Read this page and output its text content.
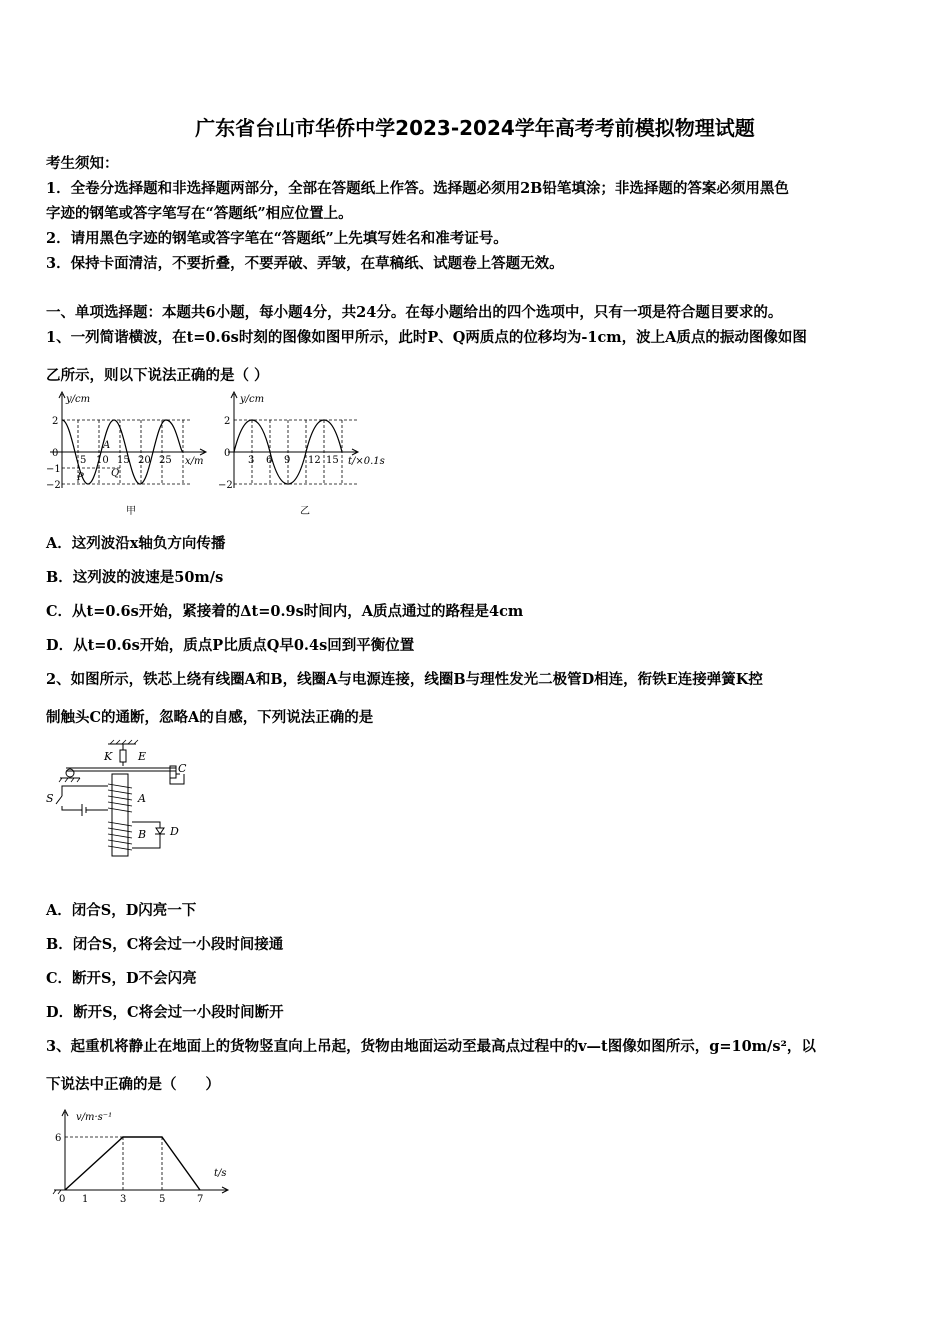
广东省台山市华侨中学2023-2024学年高考考前模拟物理试题
考生须知：
1．全卷分选择题和非选择题两部分，全部在答题纸上作答。选择题必须用2B铅笔填涂；非选择题的答案必须用黑色
字迹的钢笔或答字笔写在“答题纸”相应位置上。
2．请用黑色字迹的钢笔或答字笔在“答题纸”上先填写姓名和准考证号。
3．保持卡面清洁，不要折叠，不要弄破、弄皱，在草稿纸、试题卷上答题无效。
一、单项选择题：本题共6小题，每小题4分，共24分。在每小题给出的四个选项中，只有一项是符合题目要求的。
1、一列简谐横波，在t=0.6s时刻的图像如图甲所示，此时P、Q两质点的位移均为-1cm，波上A质点的振动图像如图
乙所示，则以下说法正确的是（ ）
y/cm
x/m
2
0
−1
−2
5 10 15 20 25
A
P	Q
甲
y/cm
t/×0.1s
2
0
−2
3 6 9 12 15
乙
A．这列波沿x轴负方向传播
B．这列波的波速是50m/s
C．从t=0.6s开始，紧接着的Δt=0.9s时间内，A质点通过的路程是4cm
D．从t=0.6s开始，质点P比质点Q早0.4s回到平衡位置
2、如图所示，铁芯上绕有线圈A和B，线圈A与电源连接，线圈B与理性发光二极管D相连，衔铁E连接弹簧K控
制触头C的通断，忽略A的自感，下列说法正确的是
K E
C
S	A
B D
A．闭合S，D闪亮一下
B．闭合S，C将会过一小段时间接通
C．断开S，D不会闪亮
D．断开S，C将会过一小段时间断开
3、起重机将静止在地面上的货物竖直向上吊起，货物由地面运动至最高点过程中的v—t图像如图所示，g=10m/s²，以
下说法中正确的是（　　）
v/m·s⁻¹
t/s
6
0 1	3	5	7
